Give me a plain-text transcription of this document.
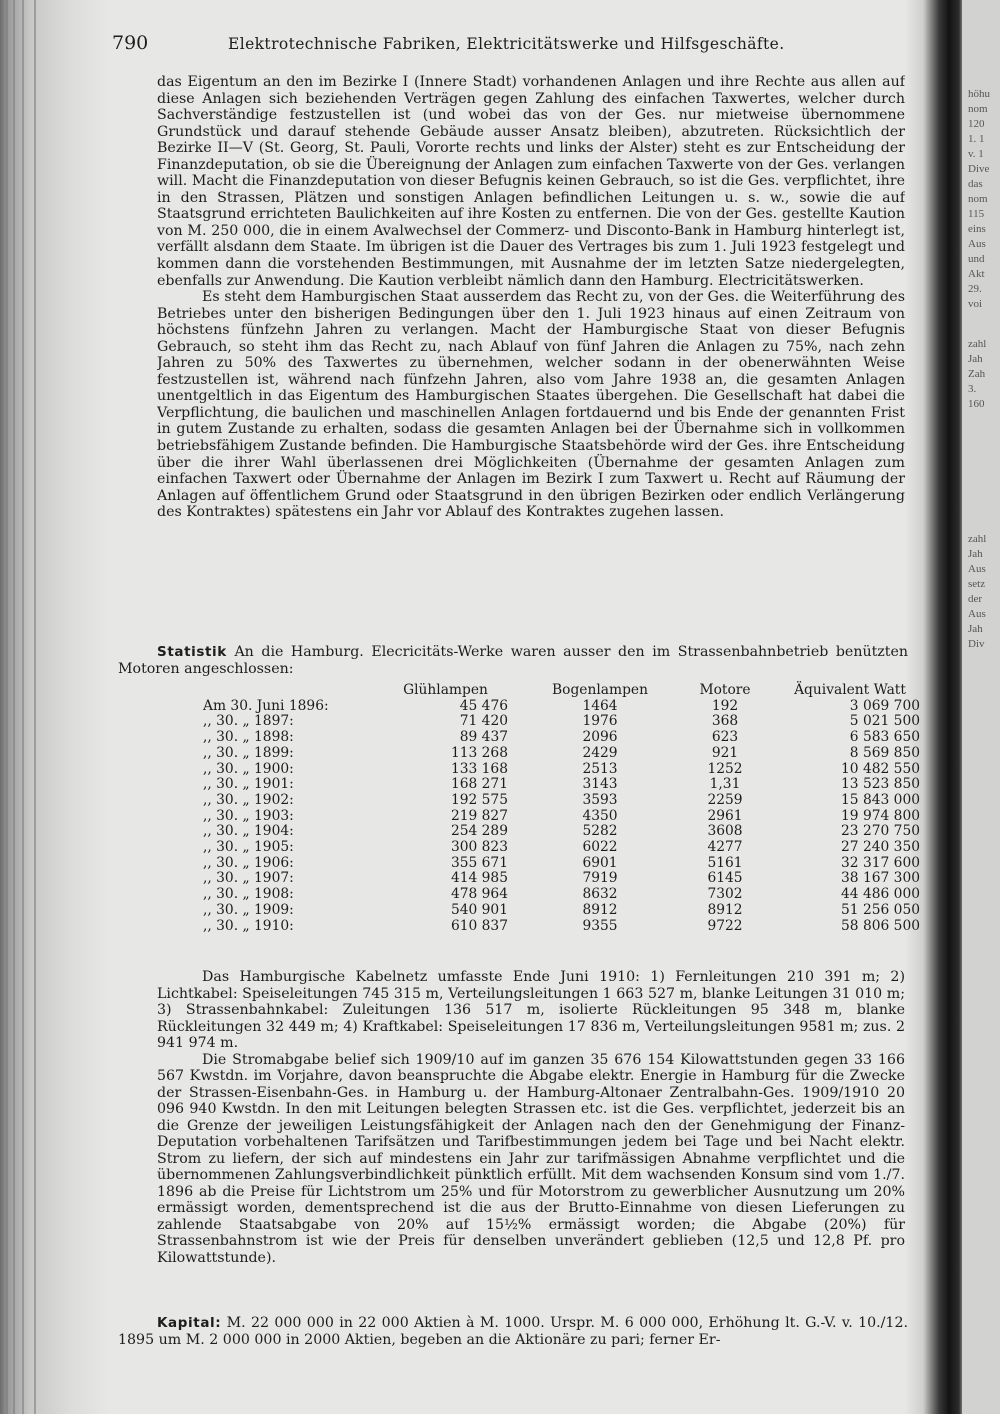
höhu
nom
120
1. 1
v. 1
Dive
das
nom
115
eins
Aus
und
Akt
29.
voi
zahl
Jah
Zah
3.
160
zahl
Jah
Aus
setz
der
Aus
Jah
Div
790	Elektrotechnische Fabriken, Elektricitätswerke und Hilfsgeschäfte.

das Eigentum an den im Bezirke I (Innere Stadt) vorhandenen Anlagen und ihre Rechte aus allen auf diese Anlagen sich beziehenden Verträgen gegen Zahlung des einfachen Taxwertes, welcher durch Sachverständige festzustellen ist (und wobei das von der Ges. nur mietweise übernommene Grundstück und darauf stehende Gebäude ausser Ansatz bleiben), abzutreten. Rücksichtlich der Bezirke II—V (St. Georg, St. Pauli, Vororte rechts und links der Alster) steht es zur Entscheidung der Finanzdeputation, ob sie die Übereignung der Anlagen zum einfachen Taxwerte von der Ges. verlangen will. Macht die Finanzdeputation von dieser Befugnis keinen Gebrauch, so ist die Ges. verpflichtet, ihre in den Strassen, Plätzen und sonstigen Anlagen befindlichen Leitungen u. s. w., sowie die auf Staatsgrund errichteten Baulichkeiten auf ihre Kosten zu entfernen. Die von der Ges. gestellte Kaution von M. 250 000, die in einem Avalwechsel der Commerz- und Disconto-Bank in Hamburg hinterlegt ist, verfällt alsdann dem Staate. Im übrigen ist die Dauer des Vertrages bis zum 1. Juli 1923 festgelegt und kommen dann die vorstehenden Bestimmungen, mit Ausnahme der im letzten Satze niedergelegten, ebenfalls zur Anwendung. Die Kaution verbleibt nämlich dann den Hamburg. Electricitätswerken.

Es steht dem Hamburgischen Staat ausserdem das Recht zu, von der Ges. die Weiterführung des Betriebes unter den bisherigen Bedingungen über den 1. Juli 1923 hinaus auf einen Zeitraum von höchstens fünfzehn Jahren zu verlangen. Macht der Hamburgische Staat von dieser Befugnis Gebrauch, so steht ihm das Recht zu, nach Ablauf von fünf Jahren die Anlagen zu 75%, nach zehn Jahren zu 50% des Taxwertes zu übernehmen, welcher sodann in der obenerwähnten Weise festzustellen ist, während nach fünfzehn Jahren, also vom Jahre 1938 an, die gesamten Anlagen unentgeltlich in das Eigentum des Hamburgischen Staates übergehen. Die Gesellschaft hat dabei die Verpflichtung, die baulichen und maschinellen Anlagen fortdauernd und bis Ende der genannten Frist in gutem Zustande zu erhalten, sodass die gesamten Anlagen bei der Übernahme sich in vollkommen betriebsfähigem Zustande befinden. Die Hamburgische Staatsbehörde wird der Ges. ihre Entscheidung über die ihrer Wahl überlassenen drei Möglichkeiten (Übernahme der gesamten Anlagen zum einfachen Taxwert oder Übernahme der Anlagen im Bezirk I zum Taxwert u. Recht auf Räumung der Anlagen auf öffentlichem Grund oder Staatsgrund in den übrigen Bezirken oder endlich Verlängerung des Kontraktes) spätestens ein Jahr vor Ablauf des Kontraktes zugehen lassen.

Statistik An die Hamburg. Elecricitäts-Werke waren ausser den im Strassenbahnbetrieb benützten Motoren angeschlossen:

	Glühlampen	Bogenlampen	Motore	Äquivalent Watt
Am 30. Juni 1896:	45 476	1464	192	3 069 700
,, 30. „ 1897:	71 420	1976	368	5 021 500
,, 30. „ 1898:	89 437	2096	623	6 583 650
,, 30. „ 1899:	113 268	2429	921	8 569 850
,, 30. „ 1900:	133 168	2513	1252	10 482 550
,, 30. „ 1901:	168 271	3143	1,31	13 523 850
,, 30. „ 1902:	192 575	3593	2259	15 843 000
,, 30. „ 1903:	219 827	4350	2961	19 974 800
,, 30. „ 1904:	254 289	5282	3608	23 270 750
,, 30. „ 1905:	300 823	6022	4277	27 240 350
,, 30. „ 1906:	355 671	6901	5161	32 317 600
,, 30. „ 1907:	414 985	7919	6145	38 167 300
,, 30. „ 1908:	478 964	8632	7302	44 486 000
,, 30. „ 1909:	540 901	8912	8912	51 256 050
,, 30. „ 1910:	610 837	9355	9722	58 806 500

Das Hamburgische Kabelnetz umfasste Ende Juni 1910: 1) Fernleitungen 210 391 m; 2) Lichtkabel: Speiseleitungen 745 315 m, Verteilungsleitungen 1 663 527 m, blanke Leitungen 31 010 m; 3) Strassenbahnkabel: Zuleitungen 136 517 m, isolierte Rückleitungen 95 348 m, blanke Rückleitungen 32 449 m; 4) Kraftkabel: Speiseleitungen 17 836 m, Verteilungsleitungen 9581 m; zus. 2 941 974 m.

Die Stromabgabe belief sich 1909/10 auf im ganzen 35 676 154 Kilowattstunden gegen 33 166 567 Kwstdn. im Vorjahre, davon beanspruchte die Abgabe elektr. Energie in Hamburg für die Zwecke der Strassen-Eisenbahn-Ges. in Hamburg u. der Hamburg-Altonaer Zentralbahn-Ges. 1909/1910 20 096 940 Kwstdn. In den mit Leitungen belegten Strassen etc. ist die Ges. verpflichtet, jederzeit bis an die Grenze der jeweiligen Leistungsfähigkeit der Anlagen nach den der Genehmigung der Finanz-Deputation vorbehaltenen Tarifsätzen und Tarifbestimmungen jedem bei Tage und bei Nacht elektr. Strom zu liefern, der sich auf mindestens ein Jahr zur tarifmässigen Abnahme verpflichtet und die übernommenen Zahlungsverbindlichkeit pünktlich erfüllt. Mit dem wachsenden Konsum sind vom 1./7. 1896 ab die Preise für Lichtstrom um 25% und für Motorstrom zu gewerblicher Ausnutzung um 20% ermässigt worden, dementsprechend ist die aus der Brutto-Einnahme von diesen Lieferungen zu zahlende Staatsabgabe von 20% auf 15½% ermässigt worden; die Abgabe (20%) für Strassenbahnstrom ist wie der Preis für denselben unverändert geblieben (12,5 und 12,8 Pf. pro Kilowattstunde).

Kapital: M. 22 000 000 in 22 000 Aktien à M. 1000. Urspr. M. 6 000 000, Erhöhung lt. G.-V. v. 10./12. 1895 um M. 2 000 000 in 2000 Aktien, begeben an die Aktionäre zu pari; ferner Er-
